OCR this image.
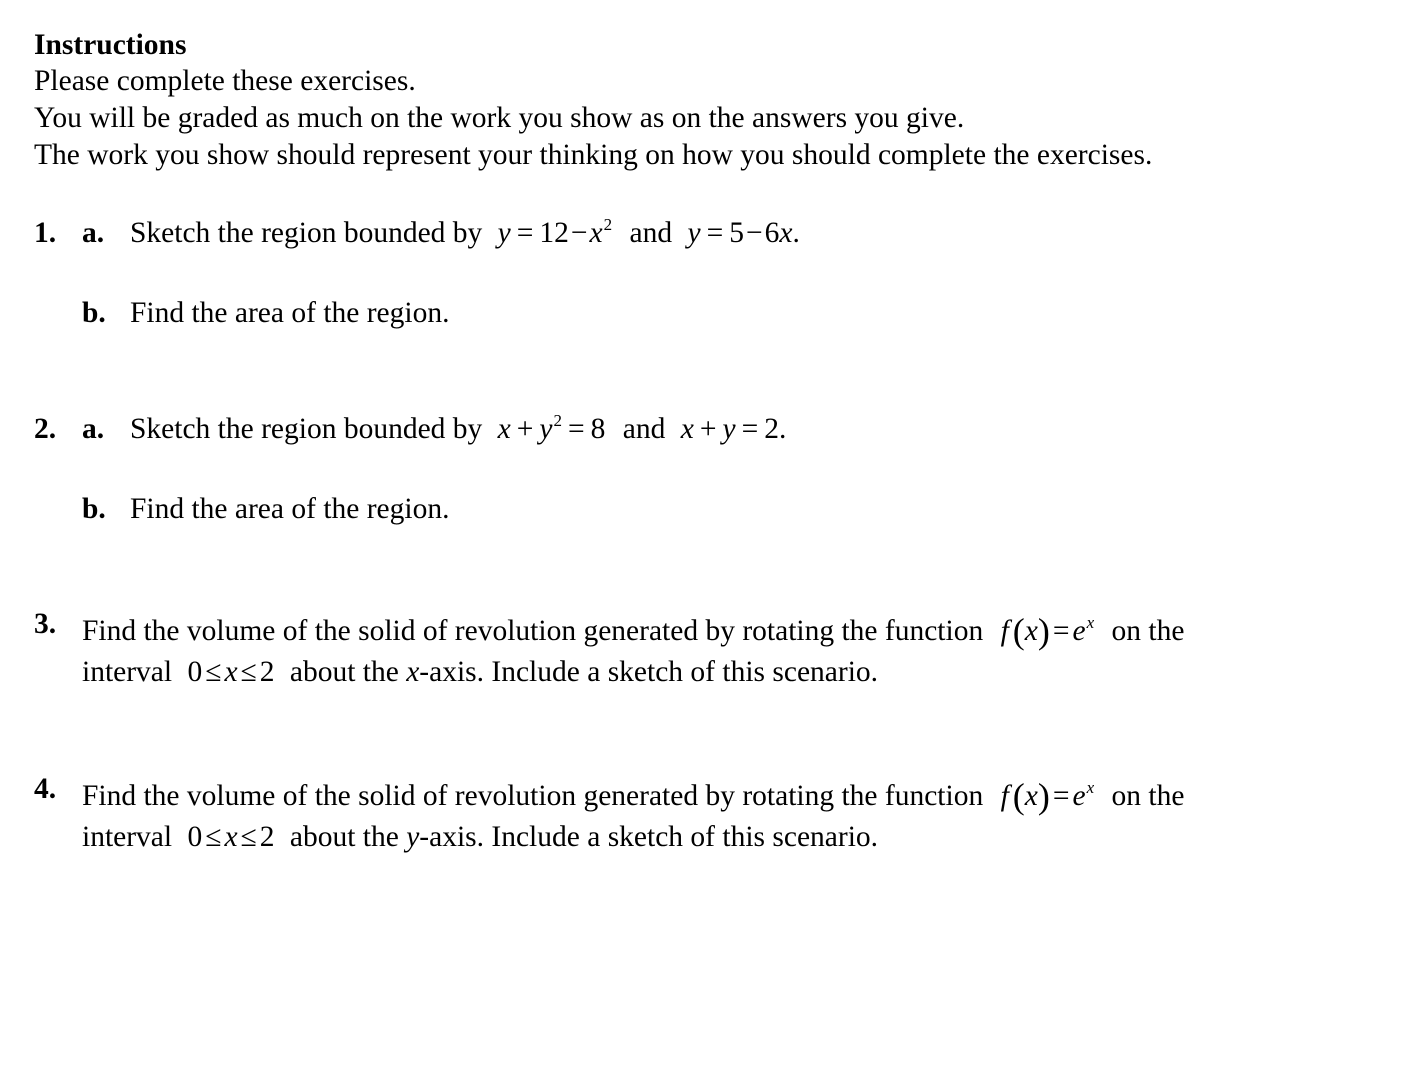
Instructions
Please complete these exercises.
You will be graded as much on the work you show as on the answers you give.
The work you show should represent your thinking on how you should complete the exercises.
1. a. Sketch the region bounded by $y = 12-x^2$ and y = 5−6x.
b. Find the area of the region.
2. a. Sketch the region bounded by $x + y^2 = 8$ and x + y = 2.
b. Find the area of the region.
3. Find the volume of the solid of revolution generated by rotating the function f $(x) = e^x$ on the
interval 0 ≤ x ≤ 2 about the x-axis. Include a sketch of this scenario.
4. Find the volume of the solid of revolution generated by rotating the function f $(x) = e^x$ on the
interval 0 ≤ x ≤ 2 about the y-axis. Include a sketch of this scenario.
